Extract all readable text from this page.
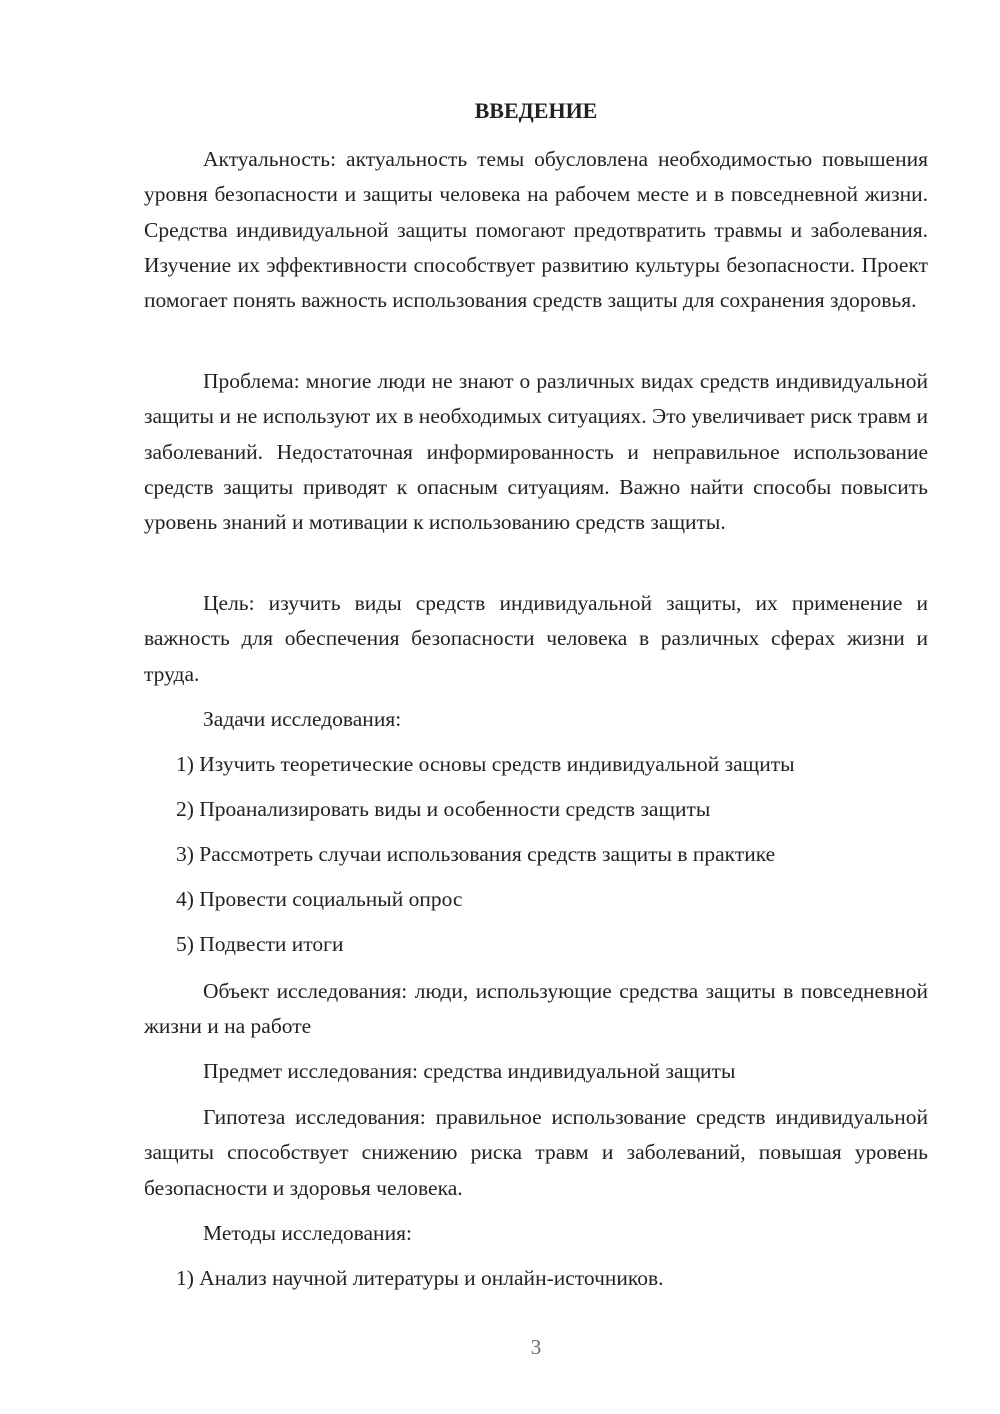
ВВЕДЕНИЕ

Актуальность: актуальность темы обусловлена необходимостью повышения уровня безопасности и защиты человека на рабочем месте и в повседневной жизни. Средства индивидуальной защиты помогают предотвратить травмы и заболевания. Изучение их эффективности способствует развитию культуры безопасности. Проект помогает понять важность использования средств защиты для сохранения здоровья.

Проблема: многие люди не знают о различных видах средств индивидуальной защиты и не используют их в необходимых ситуациях. Это увеличивает риск травм и заболеваний. Недостаточная информированность и неправильное использование средств защиты приводят к опасным ситуациям. Важно найти способы повысить уровень знаний и мотивации к использованию средств защиты.

Цель: изучить виды средств индивидуальной защиты, их применение и важность для обеспечения безопасности человека в различных сферах жизни и труда.

Задачи исследования:

1) Изучить теоретические основы средств индивидуальной защиты

2) Проанализировать виды и особенности средств защиты

3) Рассмотреть случаи использования средств защиты в практике

4) Провести социальный опрос

5) Подвести итоги

Объект исследования: люди, использующие средства защиты в повседневной жизни и на работе

Предмет исследования: средства индивидуальной защиты

Гипотеза исследования: правильное использование средств индивидуальной защиты способствует снижению риска травм и заболеваний, повышая уровень безопасности и здоровья человека.

Методы исследования:

1) Анализ научной литературы и онлайн-источников.

3
